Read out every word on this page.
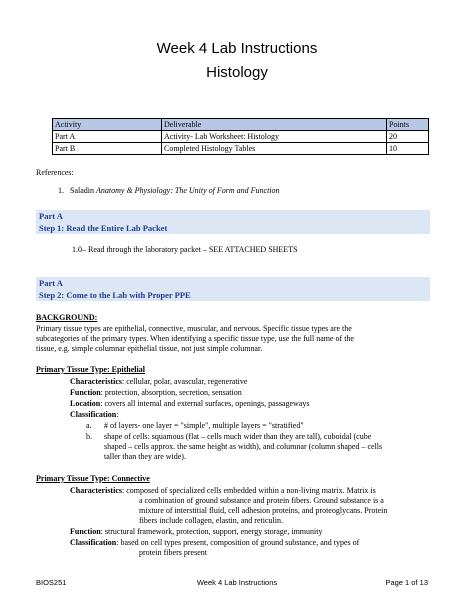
Week 4 Lab Instructions
Histology
Activity	Deliverable	Points
Part A	Activity- Lab Worksheet: Histology	20
Part B	Completed Histology Tables	10
References:
1. Saladin Anatomy & Physiology: The Unity of Form and Function
Part A
Step 1: Read the Entire Lab Packet
1.0– Read through the laboratory packet – SEE ATTACHED SHEETS
Part A
Step 2: Come to the Lab with Proper PPE
BACKGROUND:
Primary tissue types are epithelial, connective, muscular, and nervous. Specific tissue types are the
subcategories of the primary types. When identifying a specific tissue type, use the full name of the
tissue, e.g. simple columnar epithelial tissue, not just simple columnar.
Primary Tissue Type: Epithelial
Characteristics: cellular, polar, avascular, regenerative
Function: protection, absorption, secretion, sensation
Location: covers all internal and external surfaces, openings, passageways
Classification:
a. # of layers- one layer = "simple", multiple layers = "stratified"
b. shape of cells: squamous (flat – cells much wider than they are tall), cuboidal (cube
shaped – cells approx. the same height as width), and columnar (column shaped – cells
taller than they are wide).
Primary Tissue Type: Connective
Characteristics: composed of specialized cells embedded within a non-living matrix. Matrix is
a combination of ground substance and protein fibers. Ground substance is a
mixture of interstitial fluid, cell adhesion proteins, and proteoglycans. Protein
fibers include collagen, elastin, and reticulin.
Function: structural framework, protection, support, energy storage, immunity
Classification: based on cell types present, composition of ground substance, and types of
protein fibers present
BIOS251	Week 4 Lab Instructions	Page 1 of 13
